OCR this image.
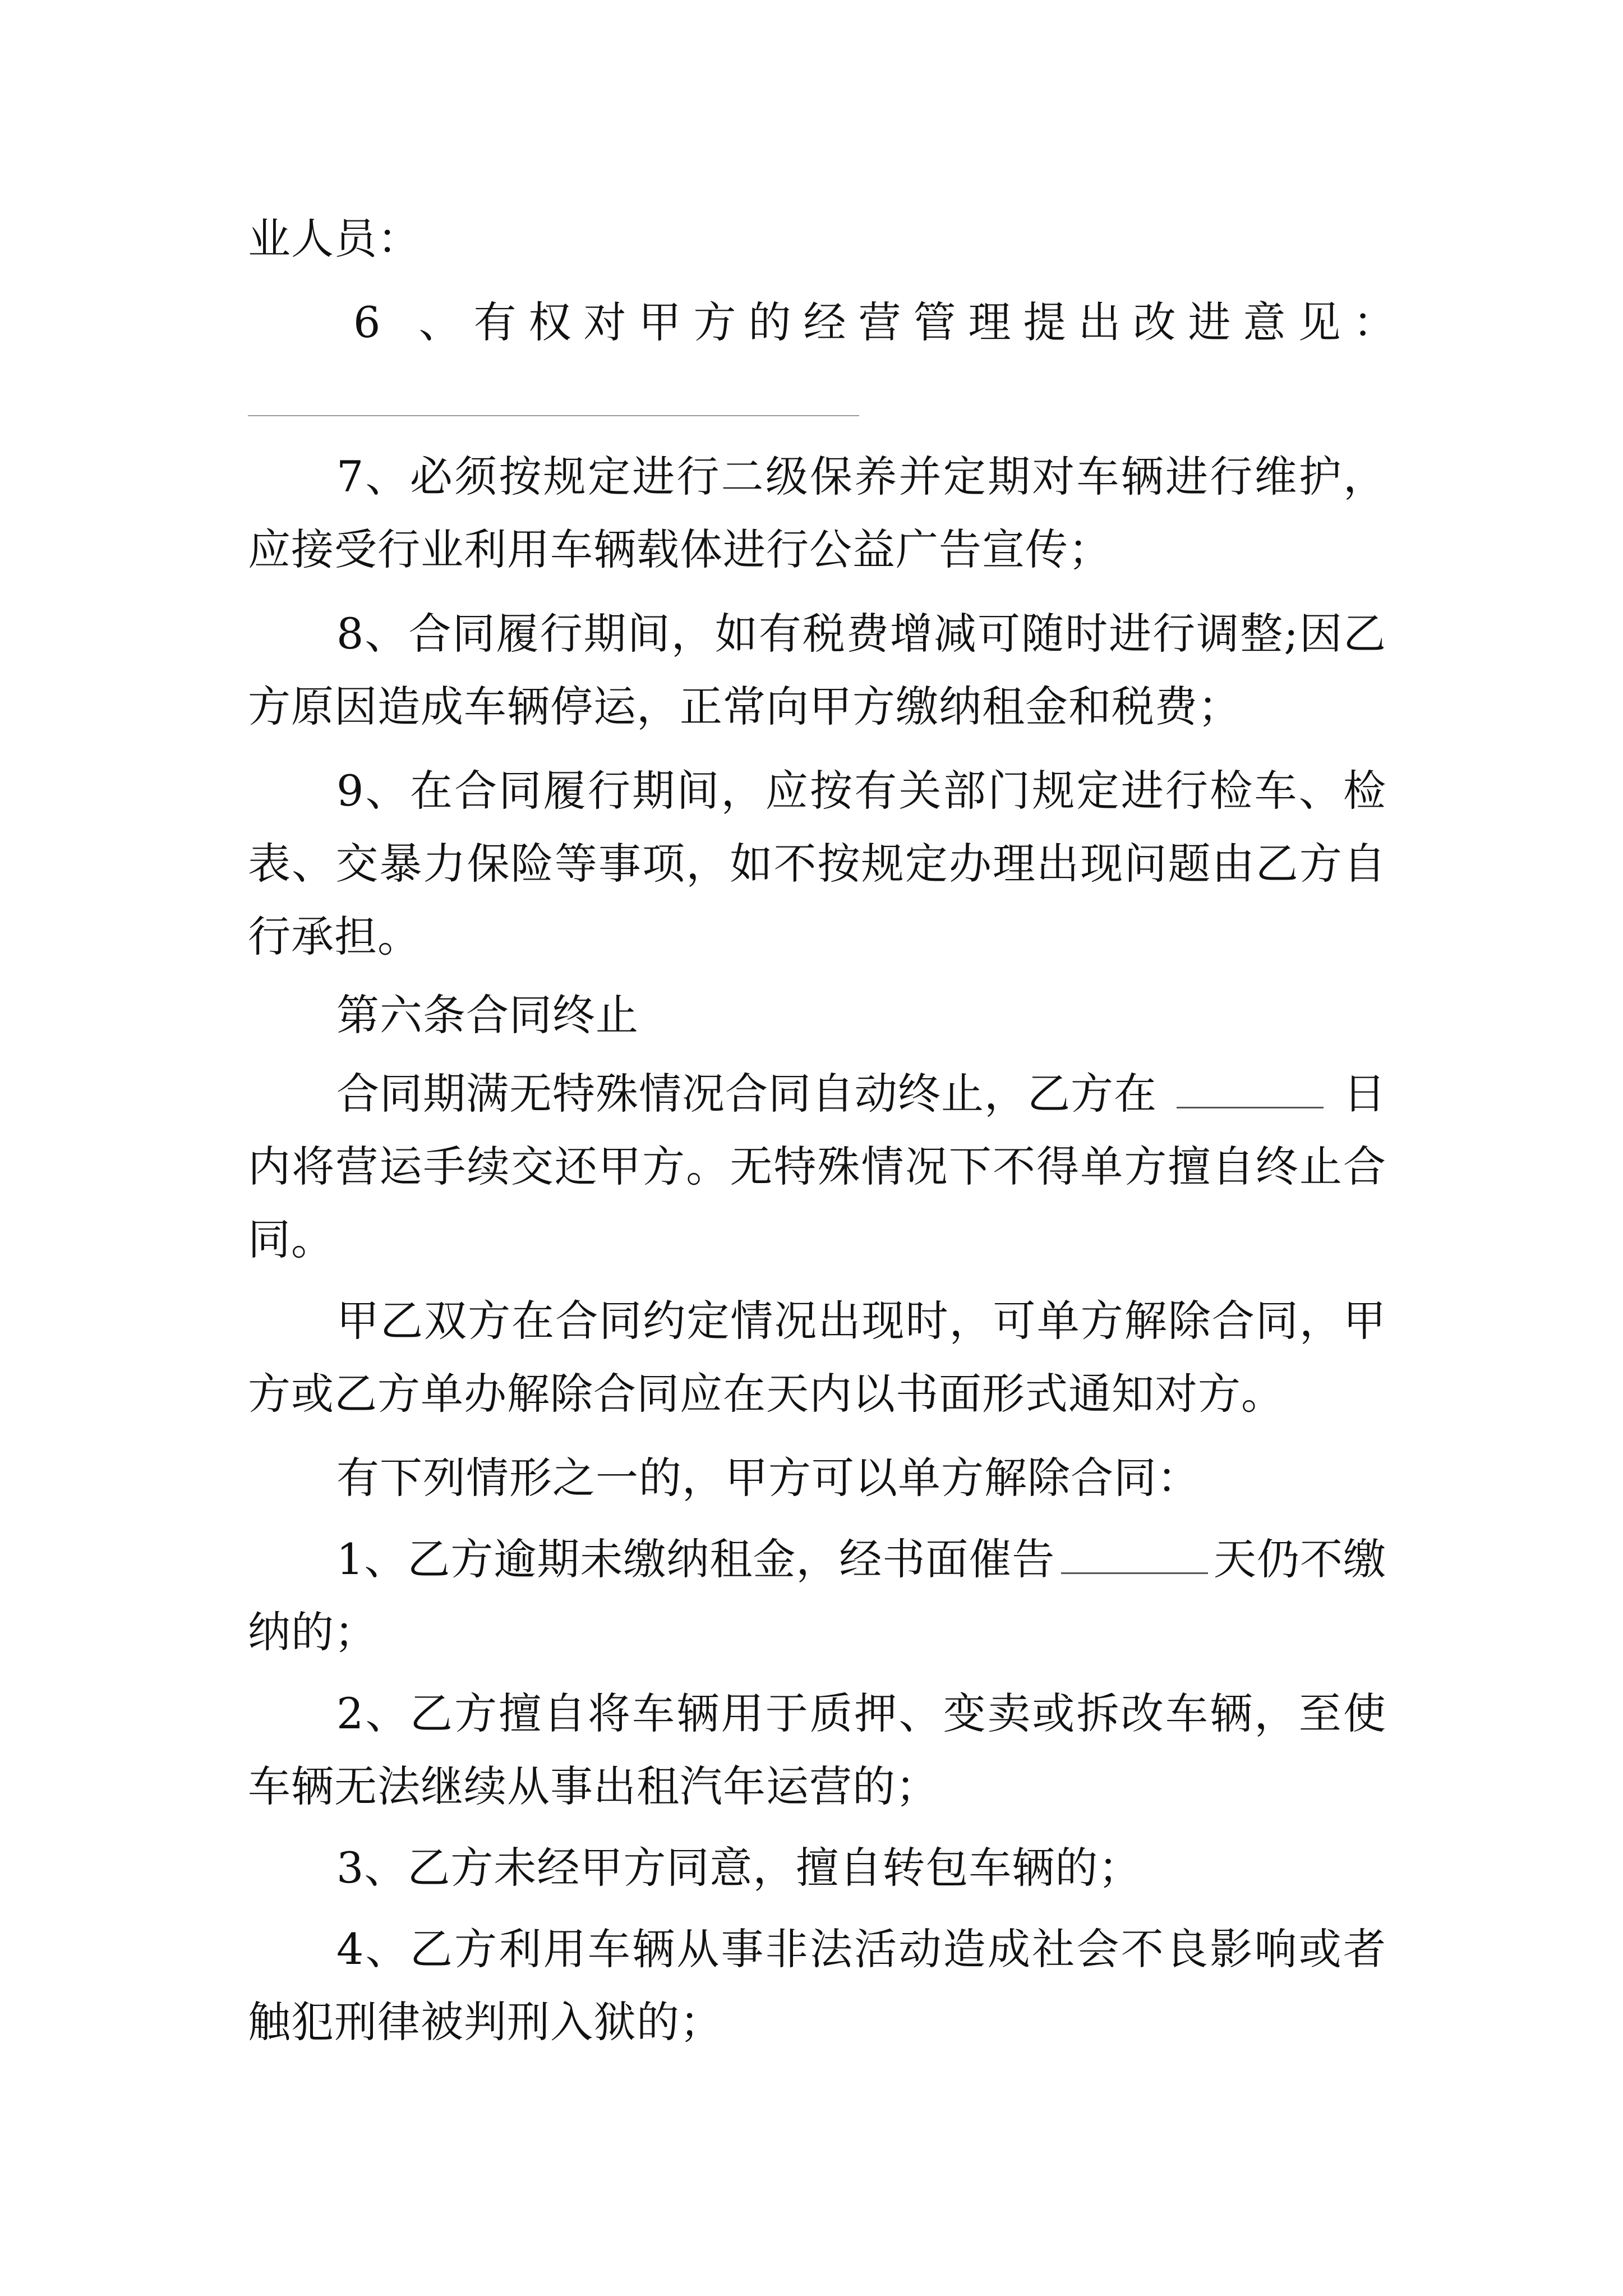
业人员：
6 、有权对甲方的经营管理提出改进意见：
7、必须按规定进行二级保养并定期对车辆进行维护，
应接受行业利用车辆载体进行公益广告宣传；
8、合同履行期间，如有税费增减可随时进行调整;因乙
方原因造成车辆停运，正常向甲方缴纳租金和税费；
9、在合同履行期间，应按有关部门规定进行检车、检
表、交暴力保险等事项，如不按规定办理出现问题由乙方自
行承担。
第六条合同终止
合同期满无特殊情况合同自动终止，乙方在	日
内将营运手续交还甲方。无特殊情况下不得单方擅自终止合
同。
甲乙双方在合同约定情况出现时，可单方解除合同，甲
方或乙方单办解除合同应在天内以书面形式通知对方。
有下列情形之一的，甲方可以单方解除合同：
1、乙方逾期未缴纳租金，经书面催告	天仍不缴
纳的；
2、乙方擅自将车辆用于质押、变卖或拆改车辆，至使
车辆无法继续从事出租汽年运营的；
3、乙方未经甲方同意，擅自转包车辆的；
4、乙方利用车辆从事非法活动造成社会不良影响或者
触犯刑律被判刑入狱的；
